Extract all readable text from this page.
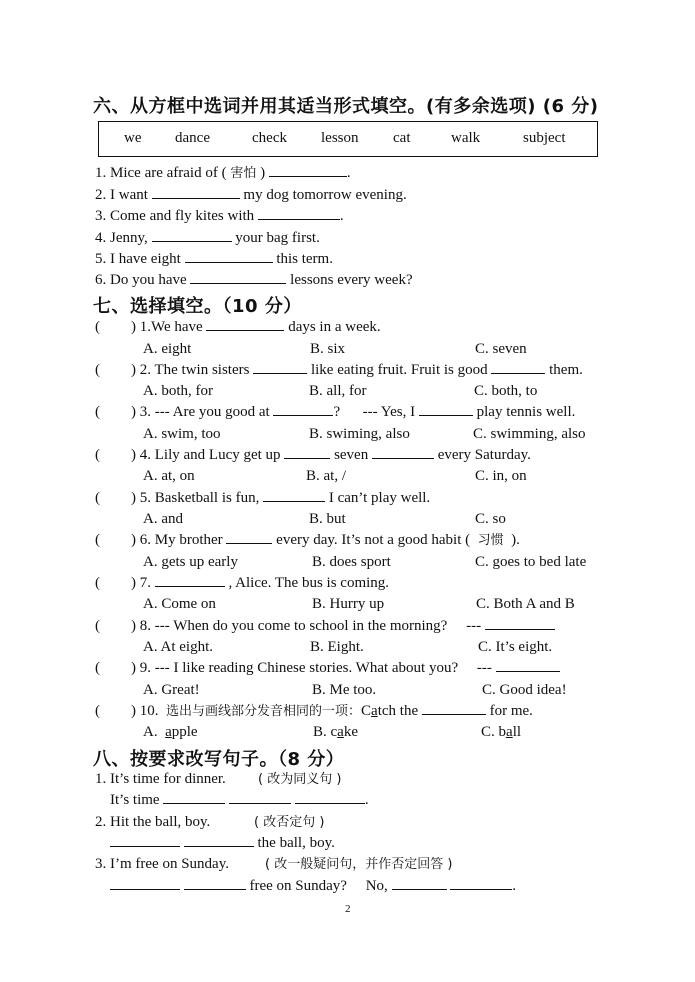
六、从方框中选词并用其适当形式填空。(有多余选项) (6 分)
we dance	check lesson cat	walk	subject
1. Mice are afraid of ( 害怕 )	.
2. I want	my dog tomorrow evening.
3. Come and fly kites with	.
4. Jenny,	your bag first.
5. I have eight	this term.
6. Do you have	lessons every week?
七、选择填空。（10 分）
( ) 1.We have	days in a week.
A. eight	B. six	C. seven
( ) 2. The twin sisters	like eating fruit. Fruit is good	them.
A. both, for	B. all, for	C. both, to
( ) 3. --- Are you good at	?      --- Yes, I	play tennis well.
A. swim, too	B. swiming, also	C. swimming, also
( ) 4. Lily and Lucy get up	seven	every Saturday.
A. at, on	B. at, /	C. in, on
( ) 5. Basketball is fun,	I can’t play well.
A. and	B. but	C. so
( ) 6. My brother	every day. It’s not a good habit (  习惯  ).
A. gets up early	B. does sport	C. goes to bed late
( ) 7.	, Alice. The bus is coming.
A. Come on	B. Hurry up	C. Both A and B
( ) 8. --- When do you come to school in the morning?     ---
A. At eight.	B. Eight.	C. It’s eight.
( ) 9. --- I like reading Chinese stories. What about you?     ---
A. Great!	B. Me too.	C. Good idea!
( ) 10.  选出与画线部分发音相同的一项：Catch the	for me.
A.  apple	B. cake	C. ball
八、按要求改写句子。（8 分）
1. It’s time for dinner. ( 改为同义句 )
It’s time	.
2. Hit the ball, boy.	( 改否定句 )
the ball, boy.
3. I’m free on Sunday.	( 改一般疑问句，并作否定回答 )
free on Sunday?     No,	.
2
